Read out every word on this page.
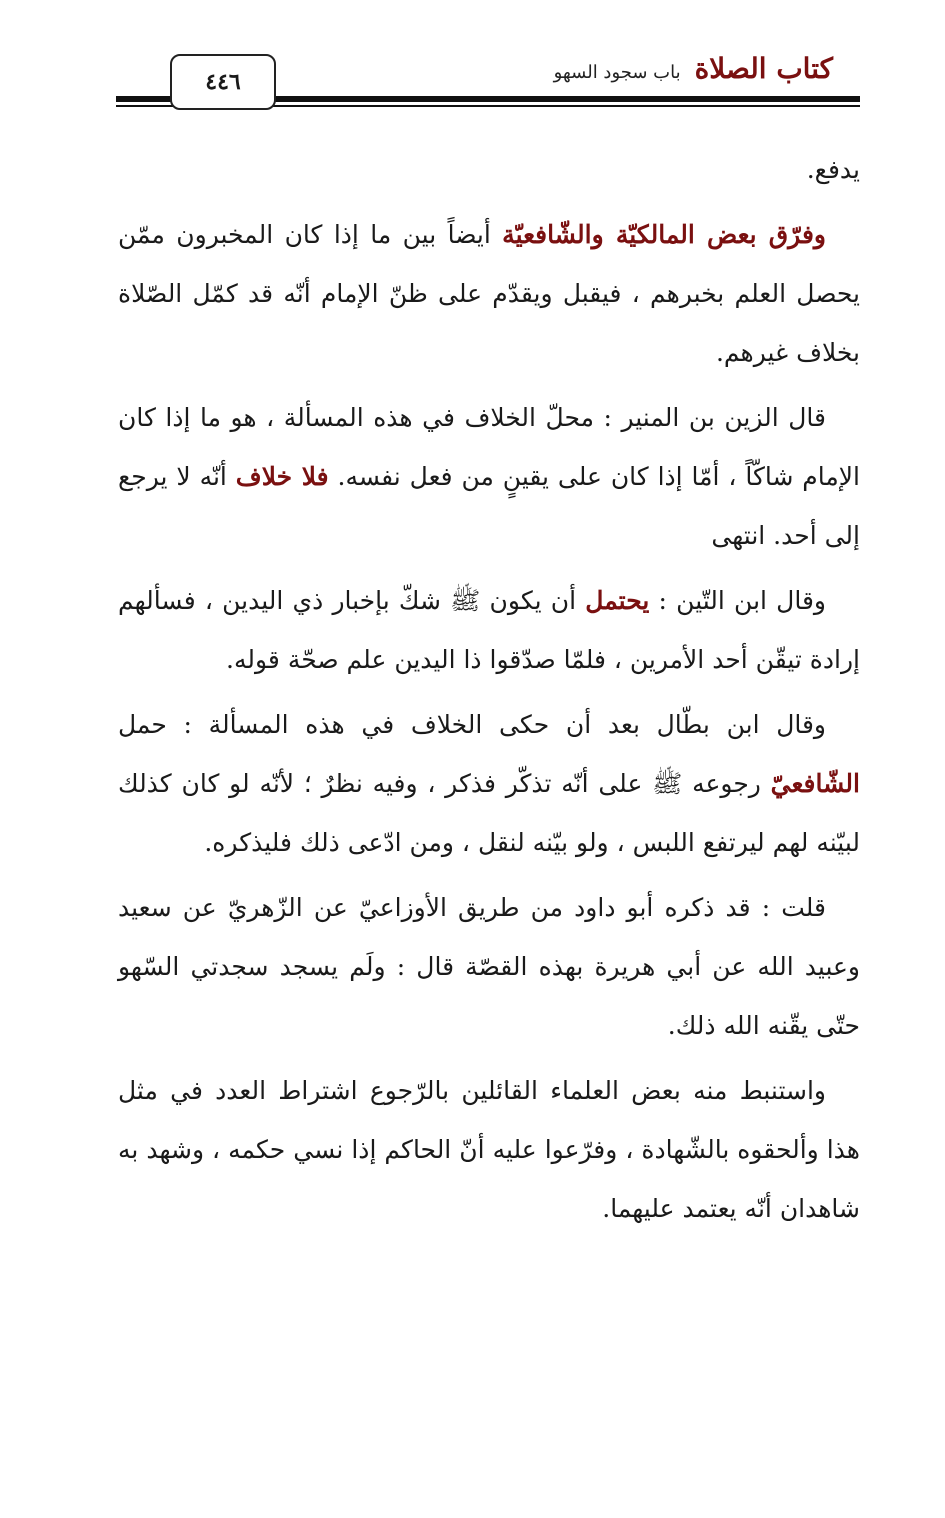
٤٤٦	كتاب الصلاة
باب سجود السهو

يدفع.

وفرّق بعض المالكيّة والشّافعيّة أيضاً بين ما إذا كان المخبرون ممّن يحصل العلم بخبرهم ، فيقبل ويقدّم على ظنّ الإمام أنّه قد كمّل الصّلاة بخلاف غيرهم.

قال الزين بن المنير : محلّ الخلاف في هذه المسألة ، هو ما إذا كان الإمام شاكّاً ، أمّا إذا كان على يقينٍ من فعل نفسه. فلا خلاف أنّه لا يرجع إلى أحد. انتهى

وقال ابن التّين : يحتمل أن يكون ﷺ شكّ بإخبار ذي اليدين ، فسألهم إرادة تيقّن أحد الأمرين ، فلمّا صدّقوا ذا اليدين علم صحّة قوله.

وقال ابن بطّال بعد أن حكى الخلاف في هذه المسألة : حمل الشّافعيّ رجوعه ﷺ على أنّه تذكّر فذكر ، وفيه نظرٌ ؛ لأنّه لو كان كذلك لبيّنه لهم ليرتفع اللبس ، ولو بيّنه لنقل ، ومن ادّعى ذلك فليذكره.

قلت : قد ذكره أبو داود من طريق الأوزاعيّ عن الزّهريّ عن سعيد وعبيد الله عن أبي هريرة بهذه القصّة قال : ولَم يسجد سجدتي السّهو حتّى يقّنه الله ذلك.

واستنبط منه بعض العلماء القائلين بالرّجوع اشتراط العدد في مثل هذا وألحقوه بالشّهادة ، وفرّعوا عليه أنّ الحاكم إذا نسي حكمه ، وشهد به شاهدان أنّه يعتمد عليهما.
